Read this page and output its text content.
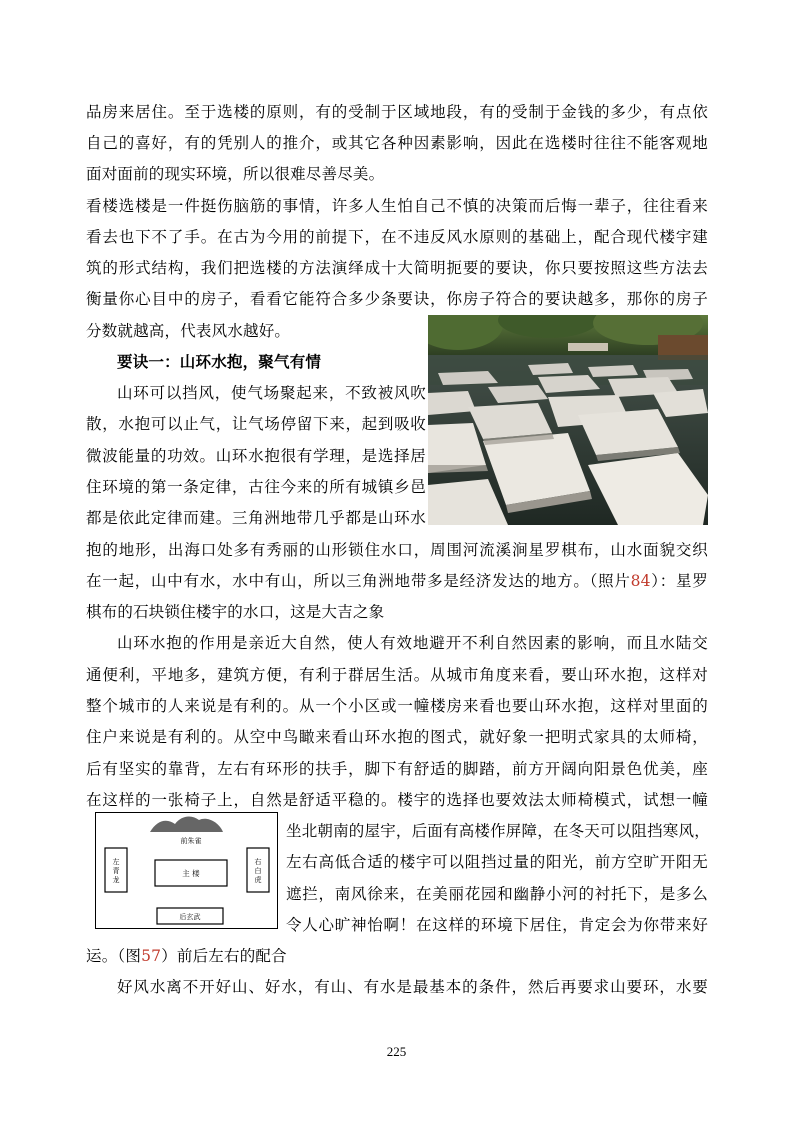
品房来居住。至于选楼的原则，有的受制于区域地段，有的受制于金钱的多少，有点依
自己的喜好，有的凭别人的推介，或其它各种因素影响，因此在选楼时往往不能客观地
面对面前的现实环境，所以很难尽善尽美。
看楼选楼是一件挺伤脑筋的事情，许多人生怕自己不慎的决策而后悔一辈子，往往看来
看去也下不了手。在古为今用的前提下，在不违反风水原则的基础上，配合现代楼宇建
筑的形式结构，我们把选楼的方法演绎成十大简明扼要的要诀，你只要按照这些方法去
衡量你心目中的房子，看看它能符合多少条要诀，你房子符合的要诀越多，那你的房子
分数就越高，代表风水越好。
要诀一：山环水抱，聚气有情
山环可以挡风，使气场聚起来，不致被风吹
散，水抱可以止气，让气场停留下来，起到吸收
微波能量的功效。山环水抱很有学理，是选择居
住环境的第一条定律，古往今来的所有城镇乡邑
都是依此定律而建。三角洲地带几乎都是山环水
抱的地形，出海口处多有秀丽的山形锁住水口，周围河流溪涧星罗棋布，山水面貌交织
在一起，山中有水，水中有山，所以三角洲地带多是经济发达的地方。（照片84）：星罗
棋布的石块锁住楼宇的水口，这是大吉之象
山环水抱的作用是亲近大自然，使人有效地避开不利自然因素的影响，而且水陆交
通便利，平地多，建筑方便，有利于群居生活。从城市角度来看，要山环水抱，这样对
整个城市的人来说是有利的。从一个小区或一幢楼房来看也要山环水抱，这样对里面的
住户来说是有利的。从空中鸟瞰来看山环水抱的图式，就好象一把明式家具的太师椅，
后有坚实的靠背，左右有环形的扶手，脚下有舒适的脚踏，前方开阔向阳景色优美，座
在这样的一张椅子上，自然是舒适平稳的。楼宇的选择也要效法太师椅模式，试想一幢
坐北朝南的屋宇，后面有高楼作屏障，在冬天可以阻挡寒风，
左右高低合适的楼宇可以阻挡过量的阳光，前方空旷开阳无
遮拦，南风徐来，在美丽花园和幽静小河的衬托下，是多么
令人心旷神怡啊！在这样的环境下居住，肯定会为你带来好
运。（图57）前后左右的配合
好风水离不开好山、好水，有山、有水是最基本的条件，然后再要求山要环，水要
前朱雀
主 楼
左
青
龙
右
白
虎
后玄武
225
